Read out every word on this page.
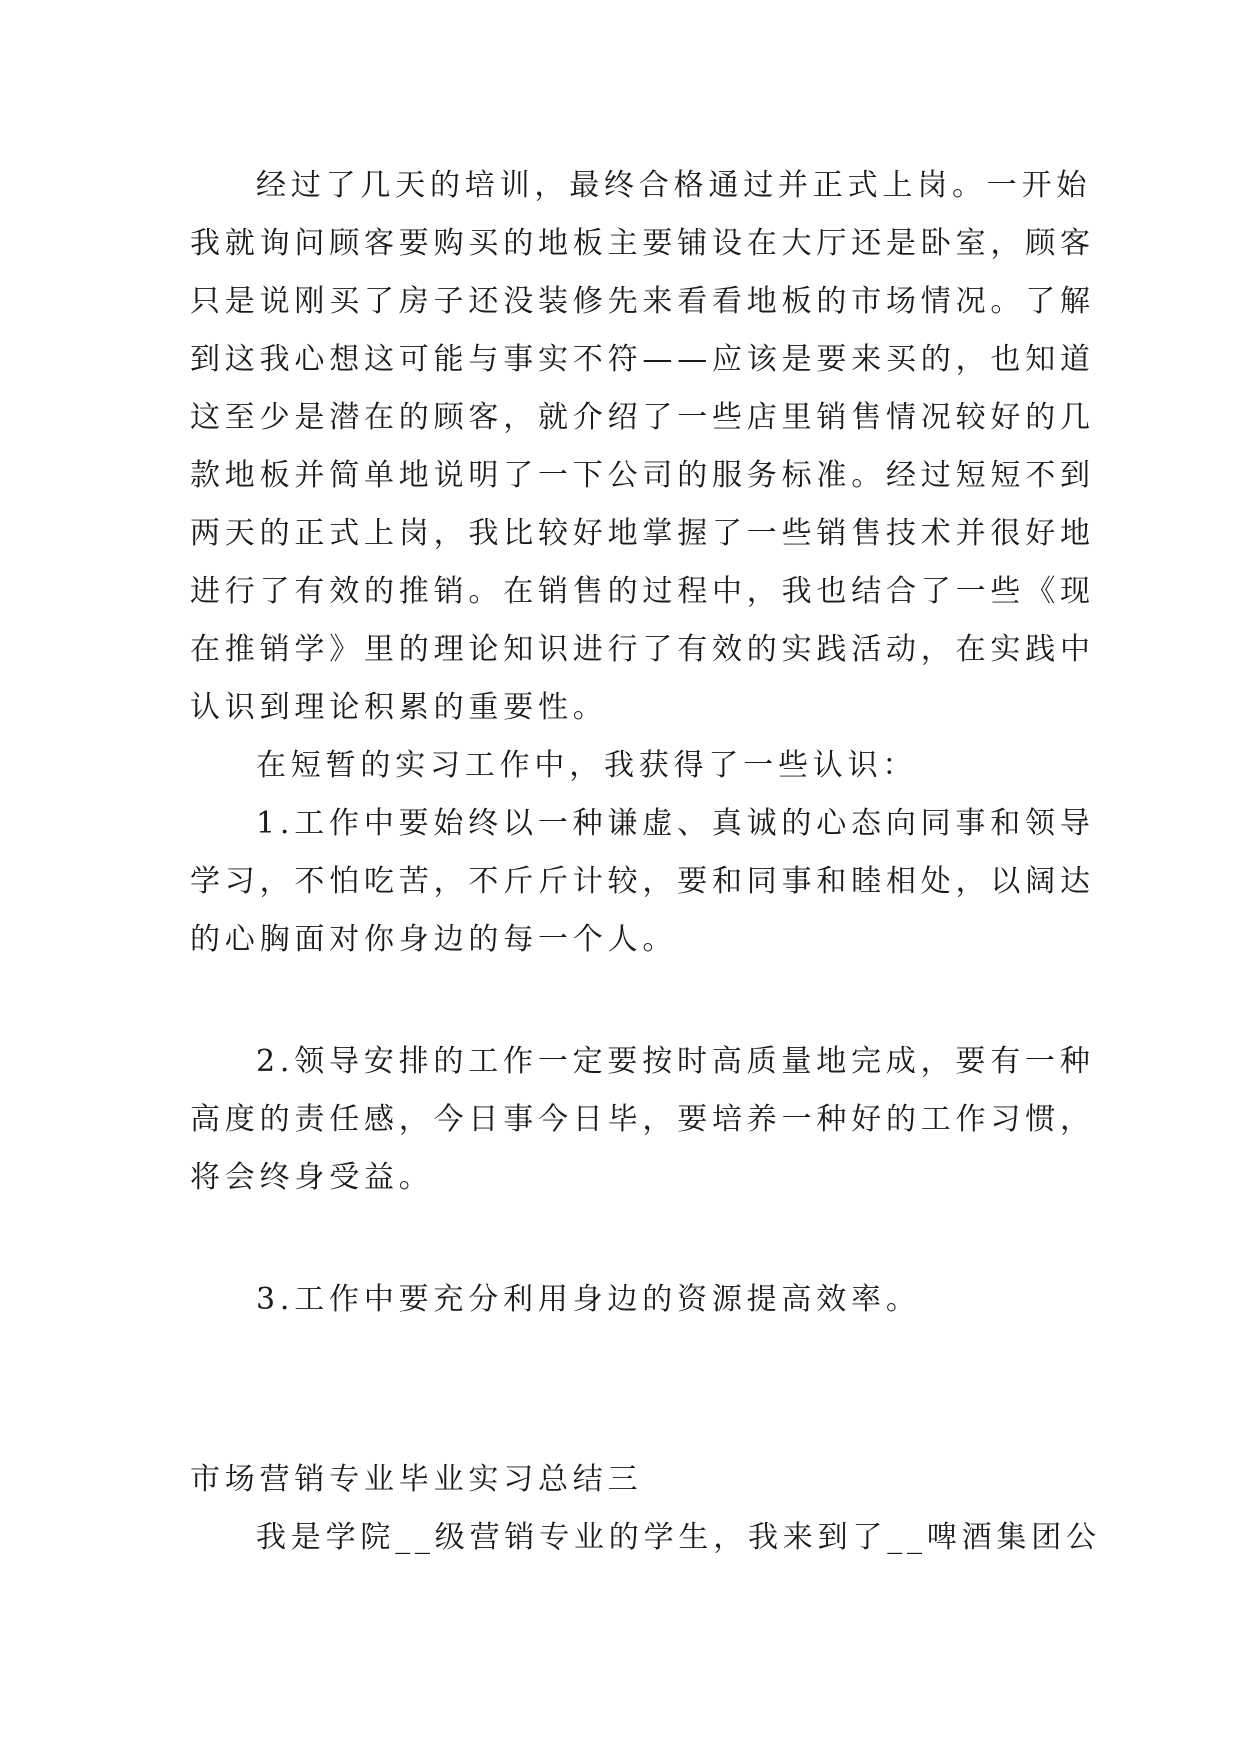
经过了几天的培训，最终合格通过并正式上岗。一开始
我就询问顾客要购买的地板主要铺设在大厅还是卧室，顾客
只是说刚买了房子还没装修先来看看地板的市场情况。了解
到这我心想这可能与事实不符——应该是要来买的，也知道
这至少是潜在的顾客，就介绍了一些店里销售情况较好的几
款地板并简单地说明了一下公司的服务标准。经过短短不到
两天的正式上岗，我比较好地掌握了一些销售技术并很好地
进行了有效的推销。在销售的过程中，我也结合了一些《现
在推销学》里的理论知识进行了有效的实践活动，在实践中
认识到理论积累的重要性。
在短暂的实习工作中，我获得了一些认识：
1.工作中要始终以一种谦虚、真诚的心态向同事和领导
学习，不怕吃苦，不斤斤计较，要和同事和睦相处，以阔达
的心胸面对你身边的每一个人。
2.领导安排的工作一定要按时高质量地完成，要有一种
高度的责任感，今日事今日毕，要培养一种好的工作习惯，
将会终身受益。
3.工作中要充分利用身边的资源提高效率。
市场营销专业毕业实习总结三
我是学院__级营销专业的学生，我来到了__啤酒集团公
